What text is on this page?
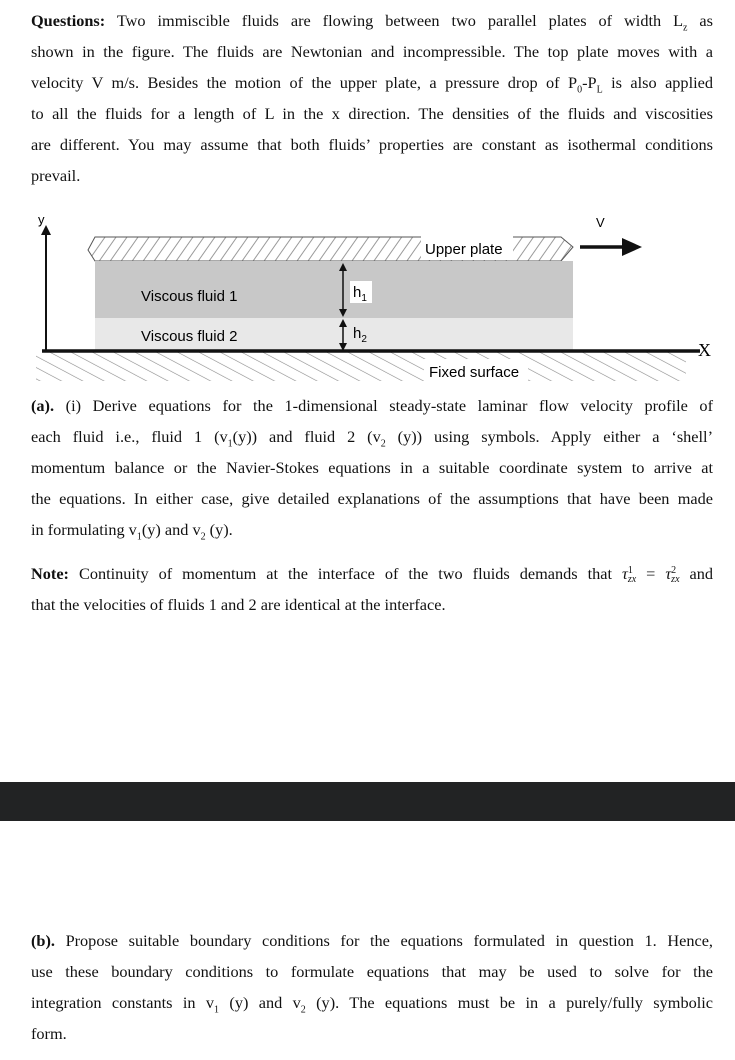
Questions: Two immiscible fluids are flowing between two parallel plates of width $L_z$ as
shown in the figure. The fluids are Newtonian and incompressible. The top plate moves with a
velocity V m/s. Besides the motion of the upper plate, a pressure drop of $P_0-P_L$ is also applied
to all the fluids for a length of L in the x direction. The densities of the fluids and viscosities
are different. You may assume that both fluids’ properties are constant as isothermal conditions
prevail.
y
Upper plate
V
Viscous fluid 1
Viscous fluid 2
$h_1$
$h_2$
Fixed surface
X
(a). (i) Derive equations for the 1-dimensional steady-state laminar flow velocity profile of
each fluid i.e., fluid 1 $(v_1(y))$ and fluid 2 ($v_2$ (y)) using symbols. Apply either a ‘shell’
momentum balance or the Navier-Stokes equations in a suitable coordinate system to arrive at
the equations. In either case, give detailed explanations of the assumptions that have been made
in formulating $v_1(y)$ and $v_2$ (y).
Note: Continuity of momentum at the interface of the two fluids demands that τ 1
zx = τ 2
zx and
that the velocities of fluids 1 and 2 are identical at the interface.
(b). Propose suitable boundary conditions for the equations formulated in question 1. Hence,
use these boundary conditions to formulate equations that may be used to solve for the
integration constants in $v_1$ (y) and $v_2$ (y). The equations must be in a purely/fully symbolic
form.
